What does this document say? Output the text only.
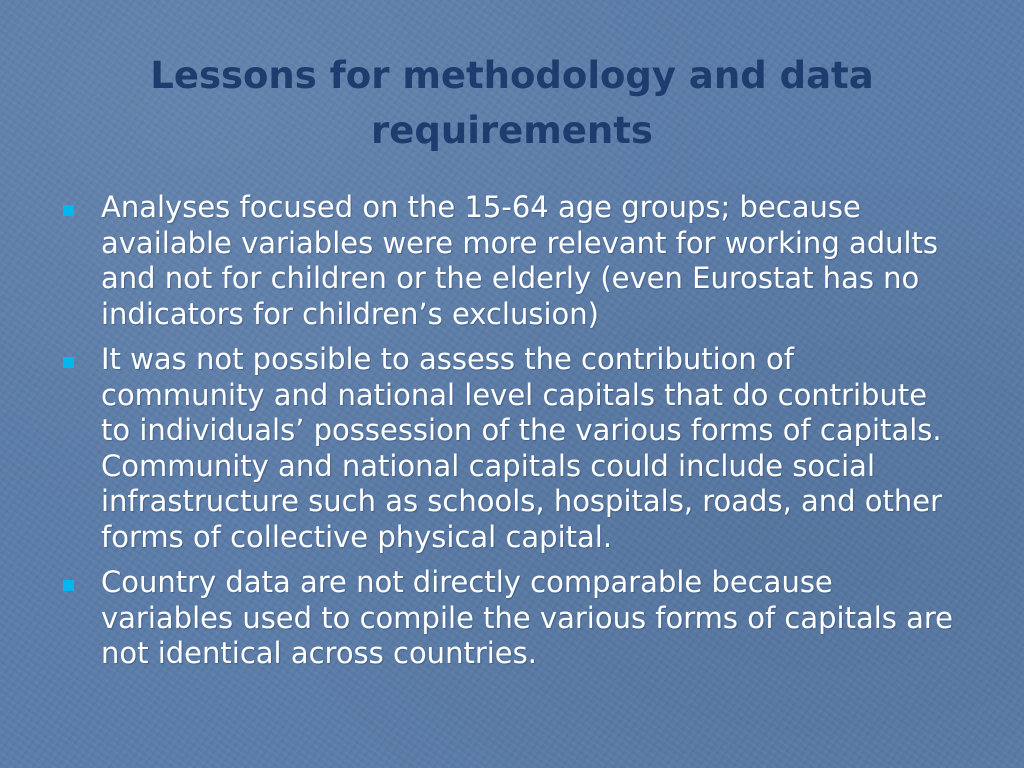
Lessons for methodology and data requirements
Analyses focused on the 15-64 age groups; because available variables were more relevant for working adults and not for children or the elderly (even Eurostat has no indicators for children’s exclusion)
It was not possible to assess the contribution of community and national level capitals that do contribute to individuals’ possession of the various forms of capitals. Community and national capitals could include social infrastructure such as schools, hospitals, roads, and other forms of collective physical capital.
Country data are not directly comparable because variables used to compile the various forms of capitals are not identical across countries.
